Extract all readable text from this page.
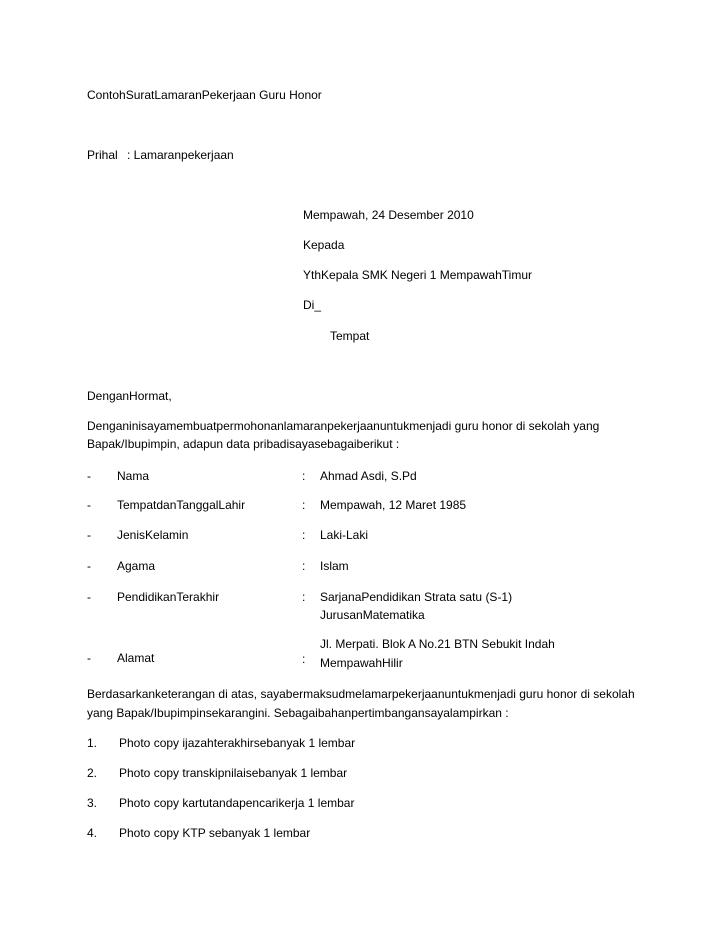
ContohSuratLamaranPekerjaan Guru Honor
Prihal : Lamaranpekerjaan
Mempawah, 24 Desember 2010
Kepada
YthKepala SMK Negeri 1 MempawahTimur
Di_
Tempat
DenganHormat,
Denganinisayamembuatpermohonanlamaranpekerjaanuntukmenjadi guru honor di sekolah yang
Bapak/Ibupimpin, adapun data pribadisayasebagaiberikut :
- Nama	: Ahmad Asdi, S.Pd
- TempatdanTanggalLahir	: Mempawah, 12 Maret 1985
- JenisKelamin	: Laki-Laki
- Agama	: Islam
- PendidikanTerakhir	: SarjanaPendidikan Strata satu (S-1)
JurusanMatematika
- Alamat	:
Jl. Merpati. Blok A No.21 BTN Sebukit Indah
MempawahHilir
Berdasarkanketerangan di atas, sayabermaksudmelamarpekerjaanuntukmenjadi guru honor di sekolah
yang Bapak/Ibupimpinsekarangini. Sebagaibahanpertimbangansayalampirkan :
1. Photo copy ijazahterakhirsebanyak 1 lembar
2. Photo copy transkipnilaisebanyak 1 lembar
3. Photo copy kartutandapencarikerja 1 lembar
4. Photo copy KTP sebanyak 1 lembar
